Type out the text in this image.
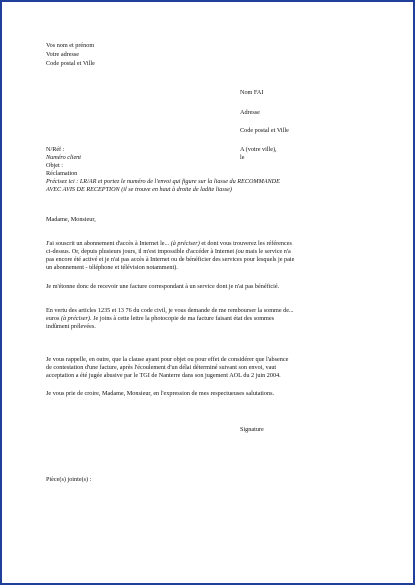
Vos nom et prénom
Votre adresse
Code postal et Ville
Nom FAI
Adresse
Code postal et Ville
N/Réf :	A (votre ville),
Numéro client	le
Objet :
Réclamation
Précisez ici : LR/AR et portez le numéro de l'envoi qui figure sur la liasse du RECOMMANDE
AVEC AVIS DE RECEPTION (il se trouve en haut à droite de ladite liasse)
Madame, Monsieur,
J'ai souscrit un abonnement d'accès à Internet le... (à préciser) et dont vous trouverez les références
ci-dessus. Or, depuis plusieurs jours, il m'est impossible d'accéder à Internet (ou mais le service n'a
pas encore été activé et je n'ai pas accès à Internet ou de bénéficier des services pour lesquels je paie
un abonnement - téléphone et télévision notamment).
Je m'étonne donc de recevoir une facture correspondant à un service dont je n'ai pas bénéficié.
En vertu des articles 1235 et 13 76 du code civil, je vous demande de me rembourser la somme de...
euros (à préciser). Je joins à cette lettre la photocopie de ma facture faisant état des sommes
indûment prélevées.
Je vous rappelle, en outre, que la clause ayant pour objet ou pour effet de considérer que l'absence
de contestation d'une facture, après l'écoulement d'un délai déterminé suivant son envoi, vaut
acceptation a été jugée abusive par le TGI de Nanterre dans son jugement AOL du 2 juin 2004.
Je vous prie de croire, Madame, Monsieur, en l'expression de mes respectueuses salutations.
Signature
Pièce(s) jointe(s) :
